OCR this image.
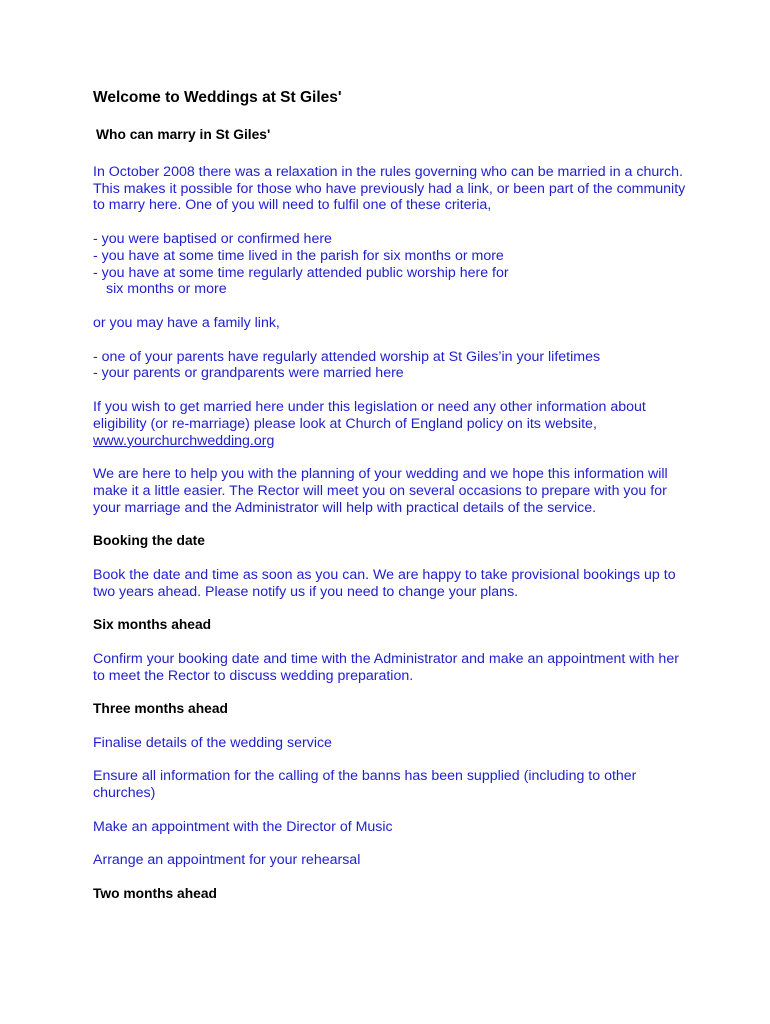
Welcome to Weddings at St Giles'
Who can marry in St Giles'

In October 2008 there was a relaxation in the rules governing who can be married in a church. This makes it possible for those who have previously had a link, or been part of the community to marry here. One of you will need to fulfil one of these criteria,

- you were baptised or confirmed here
- you have at some time lived in the parish for six months or more
- you have at some time regularly attended public worship here for
six months or more

or you may have a family link,

- one of your parents have regularly attended worship at St Giles’in your lifetimes
- your parents or grandparents were married here

If you wish to get married here under this legislation or need any other information about eligibility (or re-marriage) please look at Church of England policy on its website, www.yourchurchwedding.org

We are here to help you with the planning of your wedding and we hope this information will make it a little easier. The Rector will meet you on several occasions to prepare with you for your marriage and the Administrator will help with practical details of the service.

Booking the date

Book the date and time as soon as you can. We are happy to take provisional bookings up to two years ahead. Please notify us if you need to change your plans.

Six months ahead

Confirm your booking date and time with the Administrator and make an appointment with her to meet the Rector to discuss wedding preparation.

Three months ahead

Finalise details of the wedding service

Ensure all information for the calling of the banns has been supplied (including to other churches)

Make an appointment with the Director of Music

Arrange an appointment for your rehearsal

Two months ahead
